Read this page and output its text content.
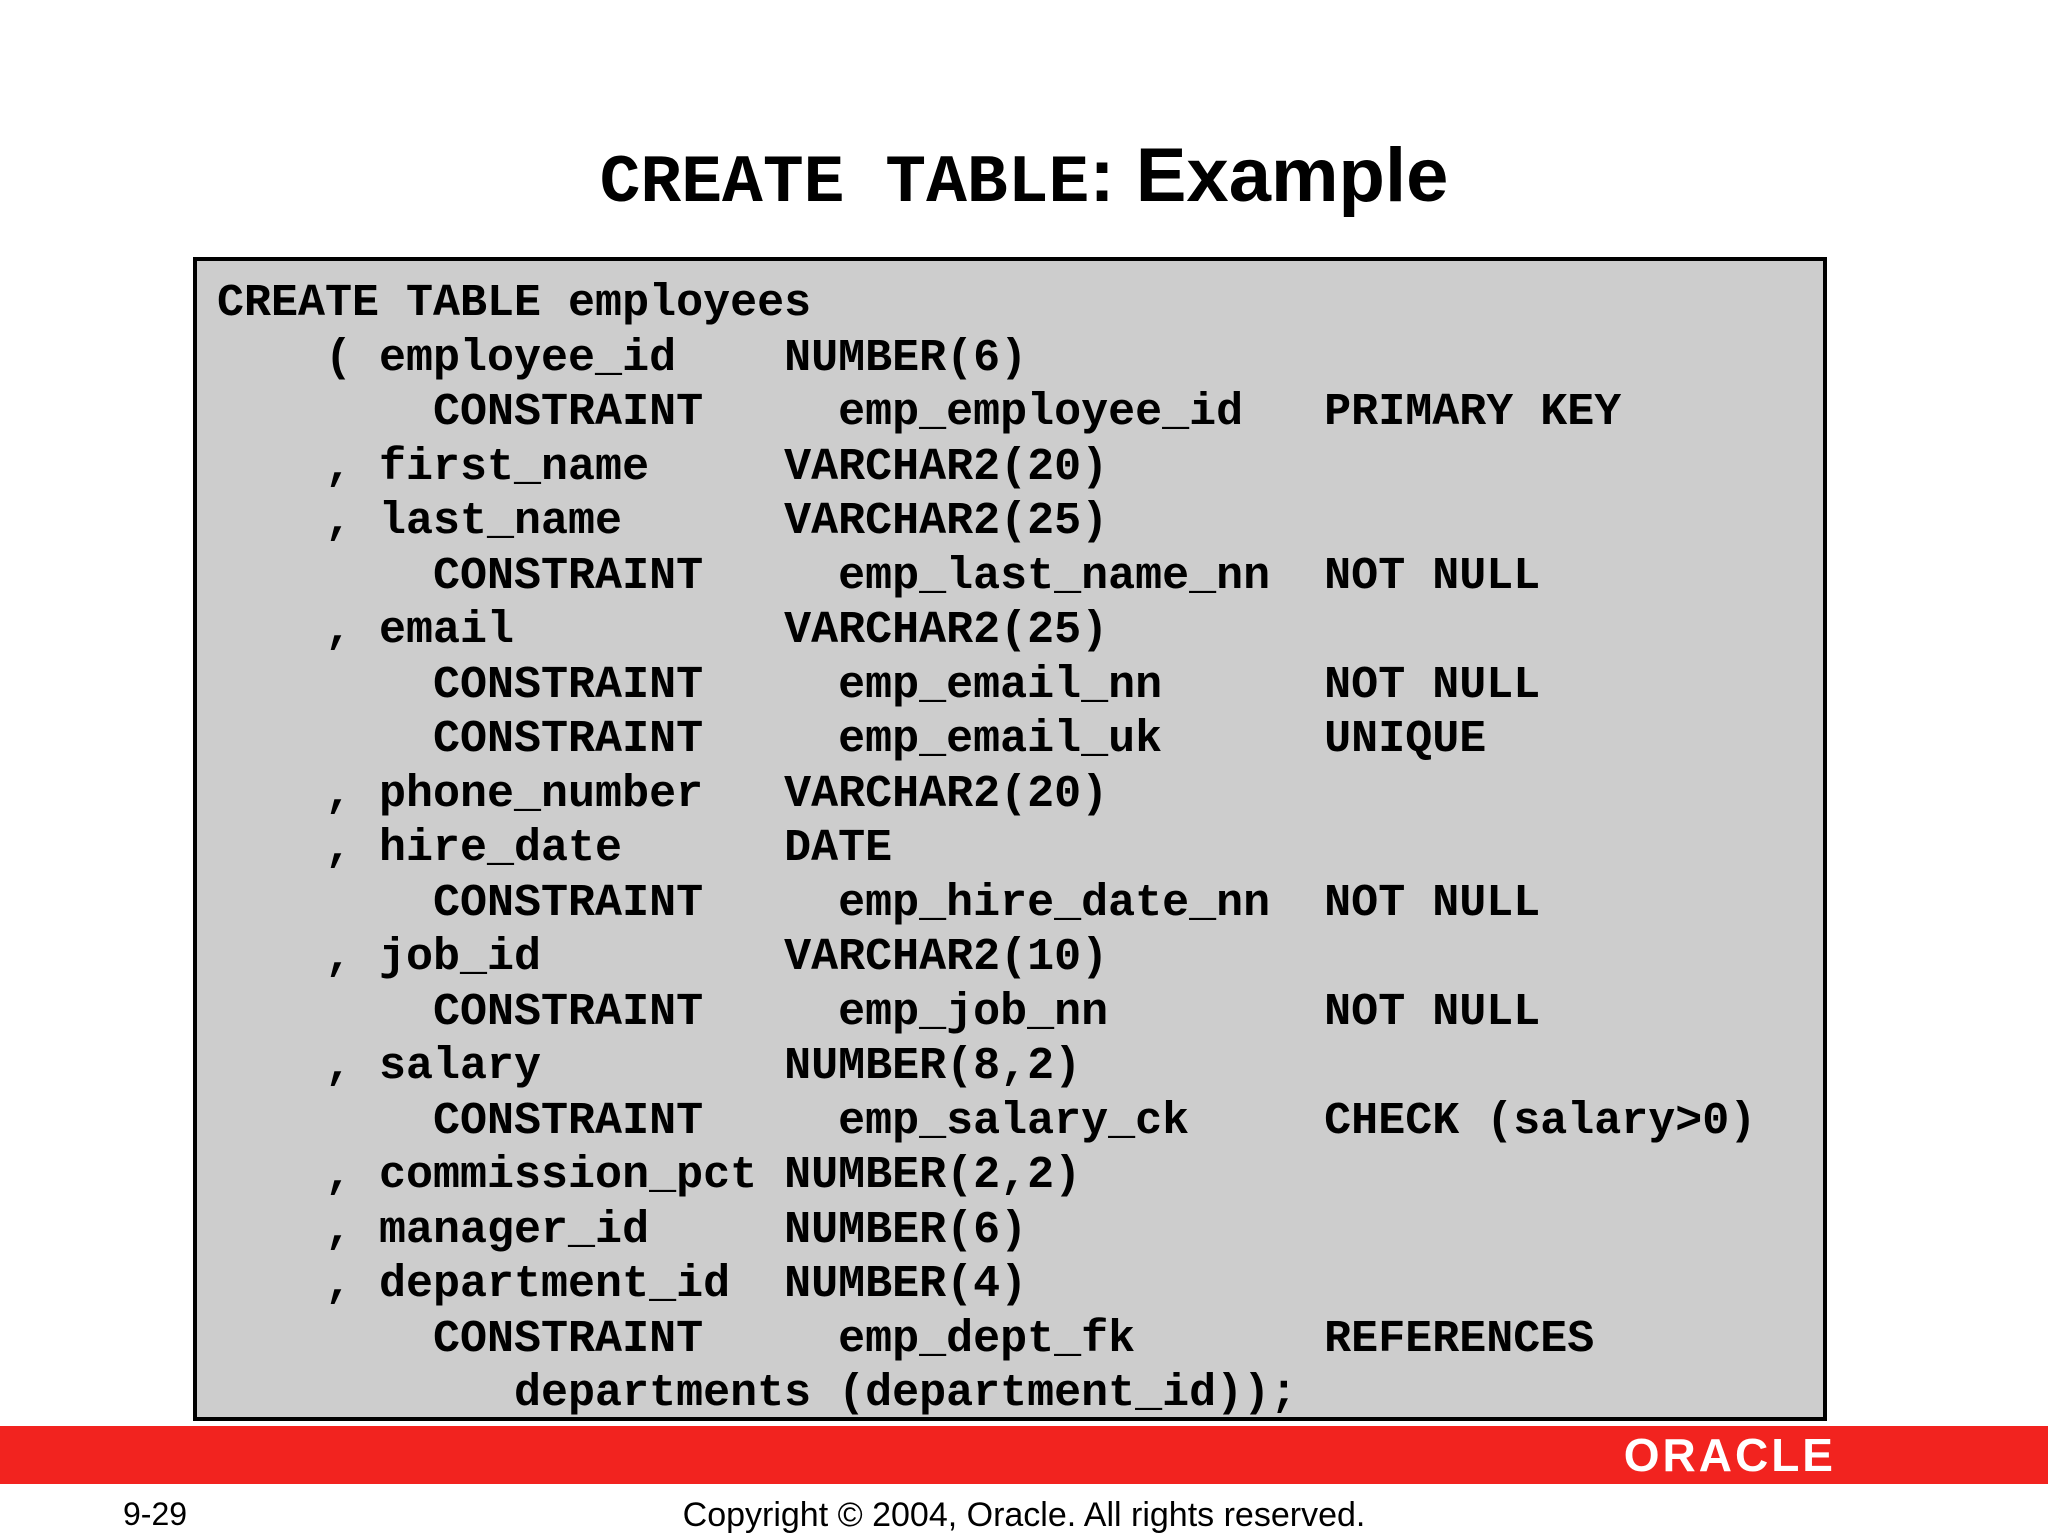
CREATE TABLE: Example
CREATE TABLE employees
( employee_id    NUMBER(6)
CONSTRAINT     emp_employee_id   PRIMARY KEY
, first_name     VARCHAR2(20)
, last_name      VARCHAR2(25)
CONSTRAINT     emp_last_name_nn  NOT NULL
, email          VARCHAR2(25)
CONSTRAINT     emp_email_nn      NOT NULL
CONSTRAINT     emp_email_uk      UNIQUE
, phone_number   VARCHAR2(20)
, hire_date      DATE
CONSTRAINT     emp_hire_date_nn  NOT NULL
, job_id         VARCHAR2(10)
CONSTRAINT     emp_job_nn        NOT NULL
, salary         NUMBER(8,2)
CONSTRAINT     emp_salary_ck     CHECK (salary>0)
, commission_pct NUMBER(2,2)
, manager_id     NUMBER(6)
, department_id  NUMBER(4)
CONSTRAINT     emp_dept_fk       REFERENCES
departments (department_id));
ORACLE
9-29	Copyright © 2004, Oracle. All rights reserved.
